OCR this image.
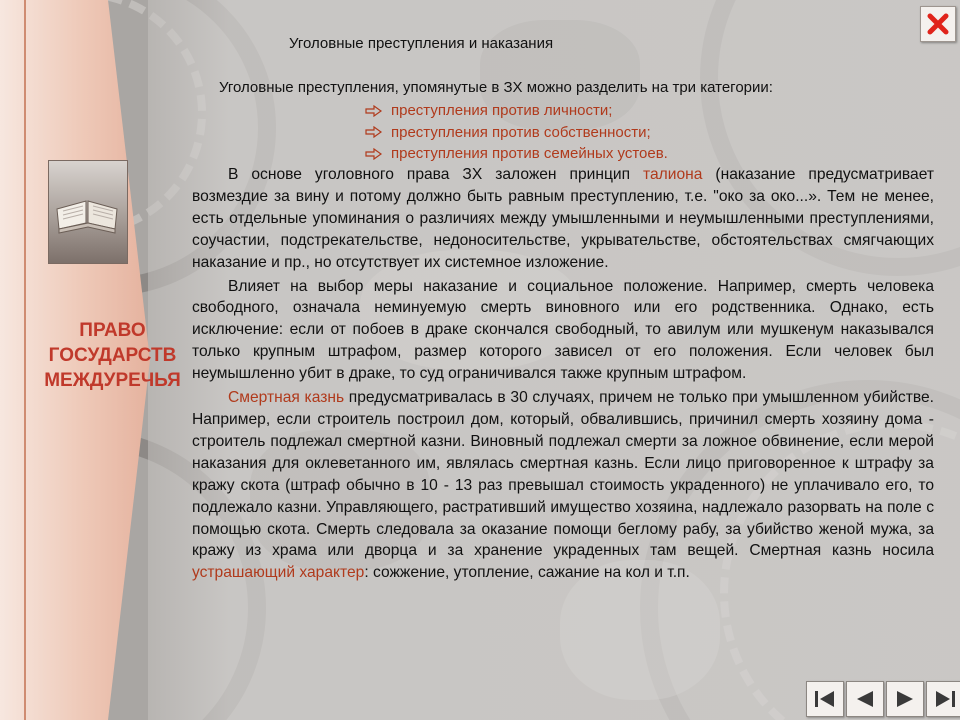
ПРАВО
ГОСУДАРСТВ
МЕЖДУРЕЧЬЯ
Уголовные преступления и наказания
Уголовные преступления, упомянутые в ЗХ можно разделить на три категории:
преступления против личности;
преступления против собственности;
преступления против семейных устоев.

В основе уголовного права ЗХ заложен принцип талиона (наказание предусматривает возмездие за вину и потому должно быть равным преступлению, т.е. "око за око...». Тем не менее, есть отдельные упоминания о различиях между умышленными и неумышленными преступлениями, соучастии, подстрекательстве, недоносительстве, укрывательстве, обстоятельствах смягчающих наказание и пр., но отсутствует их системное изложение.

Влияет на выбор меры наказание и социальное положение. Например, смерть человека свободного, означала неминуемую смерть виновного или его родственника. Однако, есть исключение: если от побоев в драке скончался свободный, то авилум или мушкенум наказывался только крупным штрафом, размер которого зависел от его положения. Если человек был неумышленно убит в драке, то суд ограничивался также крупным штрафом.

Смертная казнь предусматривалась в 30 случаях, причем не только при умышленном убийстве. Например, если строитель построил дом, который, обвалившись, причинил смерть хозяину дома - строитель подлежал смертной казни. Виновный подлежал смерти за ложное обвинение, если мерой наказания для оклеветанного им, являлась смертная казнь. Если лицо приговоренное к штрафу за кражу скота (штраф обычно в 10 - 13 раз превышал стоимость украденного) не уплачивало его, то подлежало казни. Управляющего, растративший имущество хозяина, надлежало разорвать на поле с помощью скота. Смерть следовала за оказание помощи беглому рабу, за убийство женой мужа, за кражу из храма или дворца и за хранение украденных там вещей. Смертная казнь носила устрашающий характер: сожжение, утопление, сажание на кол и т.п.
